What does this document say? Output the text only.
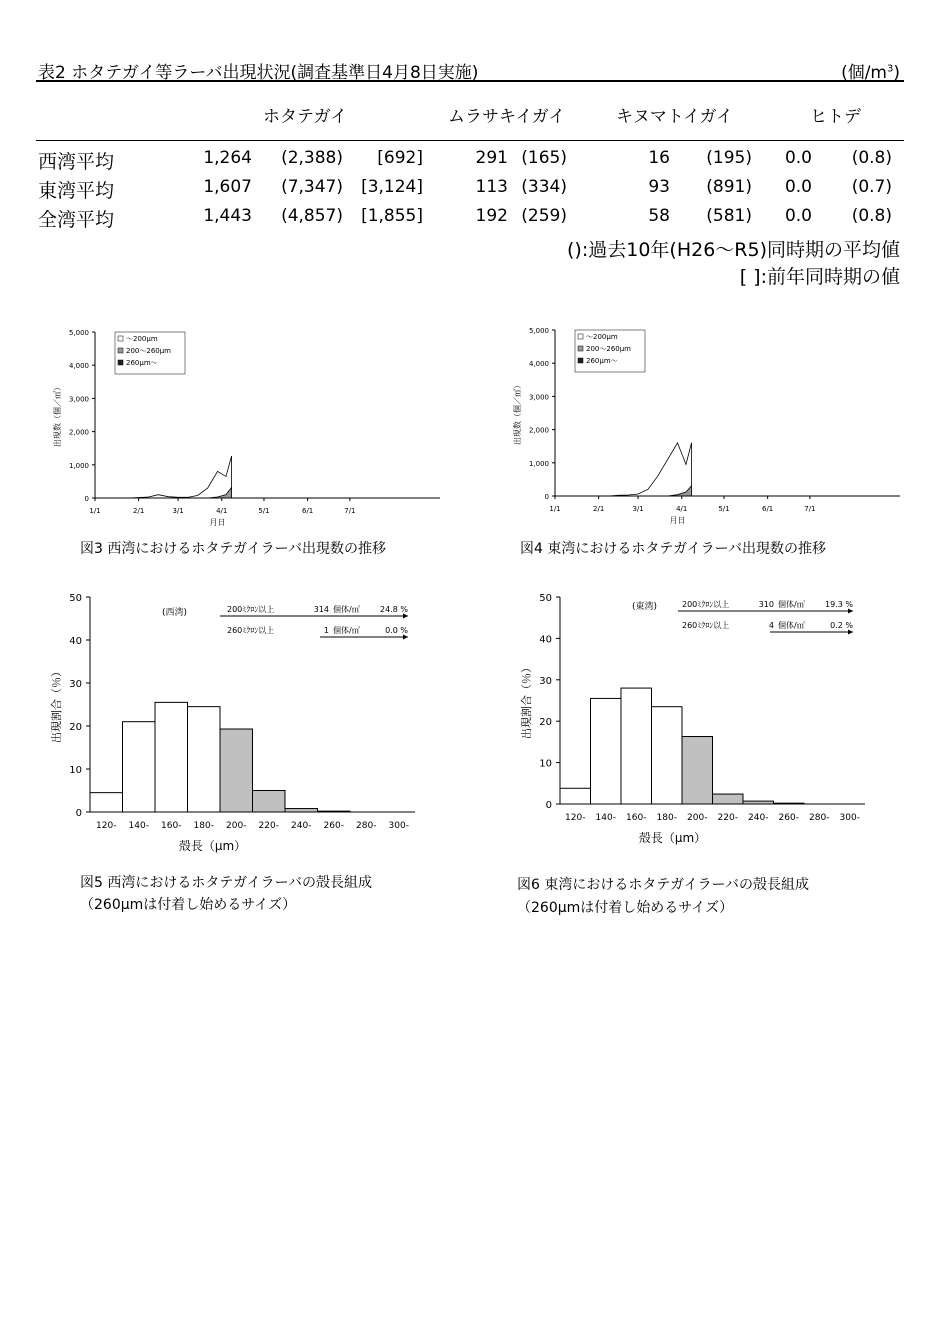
表2 ホタテガイ等ラーバ出現状況(調査基準日4月8日実施)	(個$/m^3$)
ホタテガイ	ムラサキイガイ	キヌマトイガイ	ヒトデ
西湾平均	1,264 (2,388) [692]	291 (165)	16 (195) 0.0 (0.8)
東湾平均	1,607 (7,347) [3,124]	113 (334)	93 (891) 0.0 (0.7)
全湾平均	1,443 (4,857) [1,855]	192 (259)	58 (581) 0.0 (0.8)
():過去10年(H26～R5)同時期の平均値
[ ]:前年同時期の値
0
1,000
2,000
3,000
4,000
5,000
1/1	2/1	3/1	4/1	5/1	6/1	7/1
出現数（個／㎥）
月日
～200μm
200～260μm
260μm～
0
1,000
2,000
3,000
4,000
5,000
1/1	2/1	3/1	4/1	5/1	6/1	7/1
出現数（個／㎥）
月日
～200μm
200～260μm
260μm～
図3 西湾におけるホタテガイラーバ出現数の推移	図4 東湾におけるホタテガイラーバ出現数の推移
0
10
20
30
40
50
120- 140- 160- 180- 200- 220- 240- 260- 280- 300-
出現割合（％）
殻長（μm）
(西湾)	200ﾐｸﾛﾝ以上	314 個体/㎥	24.8 %
260ﾐｸﾛﾝ以上	1 個体/㎥	0.0 %
0
10
20
30
40
50
120- 140- 160- 180- 200- 220- 240- 260- 280- 300-
出現割合（％）
殻長（μm）
(東湾)	200ﾐｸﾛﾝ以上	310 個体/㎥	19.3 %
260ﾐｸﾛﾝ以上	4 個体/㎥	0.2 %
図5 西湾におけるホタテガイラーバの殻長組成
（260μmは付着し始めるサイズ）
図6 東湾におけるホタテガイラーバの殻長組成
（260μmは付着し始めるサイズ）
